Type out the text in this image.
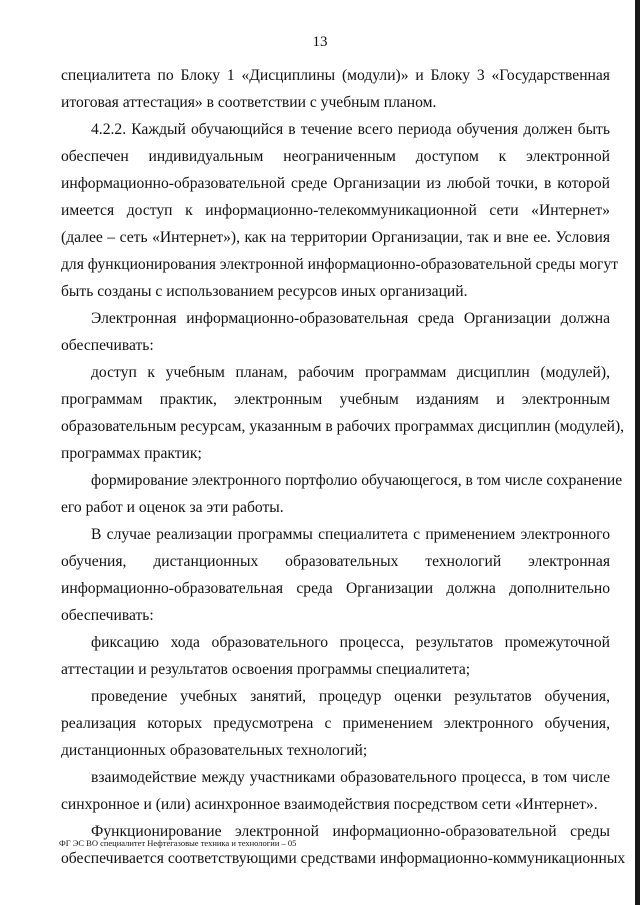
13
специалитета по Блоку 1 «Дисциплины (модули)» и Блоку 3 «Государственная
итоговая аттестация» в соответствии с учебным планом.
4.2.2. Каждый обучающийся в течение всего периода обучения должен быть
обеспечен индивидуальным неограниченным доступом к электронной
информационно-образовательной среде Организации из любой точки, в которой
имеется доступ к информационно-телекоммуникационной сети «Интернет»
(далее – сеть «Интернет»), как на территории Организации, так и вне ее. Условия
для функционирования электронной информационно-образовательной среды могут
быть созданы с использованием ресурсов иных организаций.
Электронная информационно-образовательная среда Организации должна
обеспечивать:
доступ к учебным планам, рабочим программам дисциплин (модулей),
программам практик, электронным учебным изданиям и электронным
образовательным ресурсам, указанным в рабочих программах дисциплин (модулей),
программах практик;
формирование электронного портфолио обучающегося, в том числе сохранение
его работ и оценок за эти работы.
В случае реализации программы специалитета с применением электронного
обучения, дистанционных образовательных технологий электронная
информационно-образовательная среда Организации должна дополнительно
обеспечивать:
фиксацию хода образовательного процесса, результатов промежуточной
аттестации и результатов освоения программы специалитета;
проведение учебных занятий, процедур оценки результатов обучения,
реализация которых предусмотрена с применением электронного обучения,
дистанционных образовательных технологий;
взаимодействие между участниками образовательного процесса, в том числе
синхронное и (или) асинхронное взаимодействия посредством сети «Интернет».
Функционирование электронной информационно-образовательной среды
обеспечивается соответствующими средствами информационно-коммуникационных
ФГ ЭС ВО специалитет Нефтегазовые техника и технологии – 05
